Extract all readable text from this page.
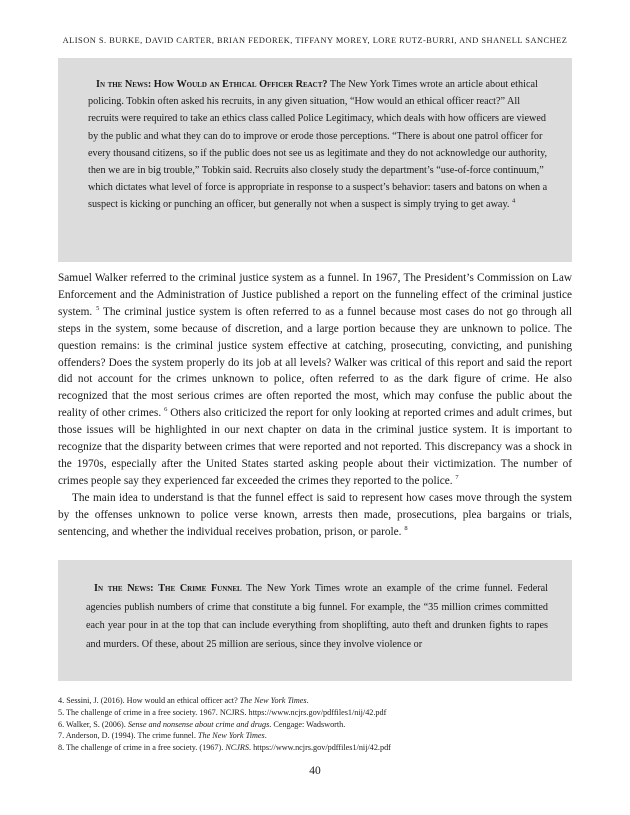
ALISON S. BURKE, DAVID CARTER, BRIAN FEDOREK, TIFFANY MOREY, LORE RUTZ-BURRI, AND SHANELL SANCHEZ

In the News: How Would an Ethical Officer React? The New York Times wrote an article about ethical policing. Tobkin often asked his recruits, in any given situation, “How would an ethical officer react?” All recruits were required to take an ethics class called Police Legitimacy, which deals with how officers are viewed by the public and what they can do to improve or erode those perceptions. “There is about one patrol officer for every thousand citizens, so if the public does not see us as legitimate and they do not acknowledge our authority, then we are in big trouble,” Tobkin said. Recruits also closely study the department’s “use-of-force continuum,” which dictates what level of force is appropriate in response to a suspect’s behavior: tasers and batons on when a suspect is kicking or punching an officer, but generally not when a suspect is simply trying to get away. $^4$

Samuel Walker referred to the criminal justice system as a funnel. In 1967, The President’s Commission on Law Enforcement and the Administration of Justice published a report on the funneling effect of the criminal justice system. $^5$ The criminal justice system is often referred to as a funnel because most cases do not go through all steps in the system, some because of discretion, and a large portion because they are unknown to police. The question remains: is the criminal justice system effective at catching, prosecuting, convicting, and punishing offenders? Does the system properly do its job at all levels? Walker was critical of this report and said the report did not account for the crimes unknown to police, often referred to as the dark figure of crime. He also recognized that the most serious crimes are often reported the most, which may confuse the public about the reality of other crimes. $^6$ Others also criticized the report for only looking at reported crimes and adult crimes, but those issues will be highlighted in our next chapter on data in the criminal justice system. It is important to recognize that the disparity between crimes that were reported and not reported. This discrepancy was a shock in the 1970s, especially after the United States started asking people about their victimization. The number of crimes people say they experienced far exceeded the crimes they reported to the police. $^7$

The main idea to understand is that the funnel effect is said to represent how cases move through the system by the offenses unknown to police verse known, arrests then made, prosecutions, plea bargains or trials, sentencing, and whether the individual receives probation, prison, or parole. $^8$

In the News: The Crime Funnel The New York Times wrote an example of the crime funnel. Federal agencies publish numbers of crime that constitute a big funnel. For example, the “35 million crimes committed each year pour in at the top that can include everything from shoplifting, auto theft and drunken fights to rapes and murders. Of these, about 25 million are serious, since they involve violence or

4. Sessini, J. (2016). How would an ethical officer act? The New York Times.
5. The challenge of crime in a free society. 1967. NCJRS. https://www.ncjrs.gov/pdffiles1/nij/42.pdf
6. Walker, S. (2006). Sense and nonsense about crime and drugs. Cengage: Wadsworth.
7. Anderson, D. (1994). The crime funnel. The New York Times.
8. The challenge of crime in a free society. (1967). NCJRS. https://www.ncjrs.gov/pdffiles1/nij/42.pdf
40
